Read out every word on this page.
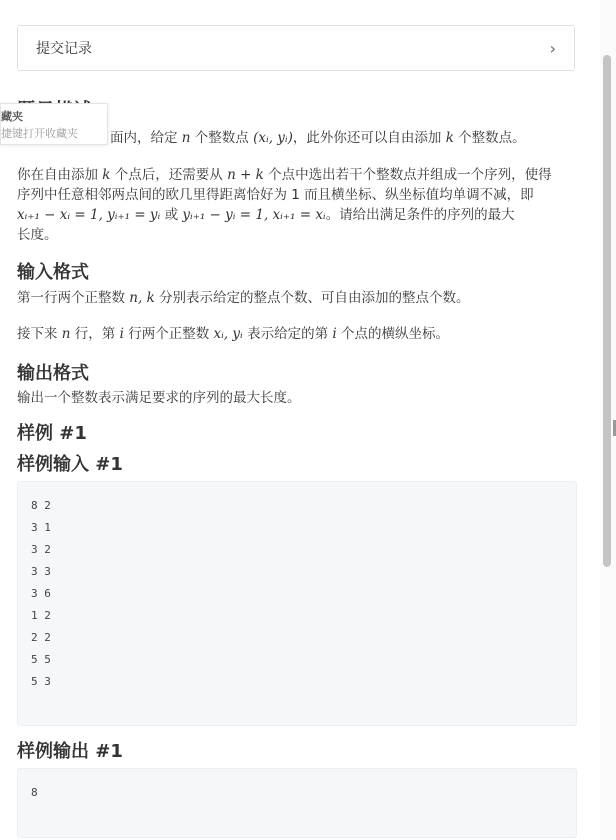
提交记录	›
藏夹
捷键打开收藏夹	面内，给定 n 个整数点 (xᵢ, yᵢ)，此外你还可以自由添加 k 个整数点。
你在自由添加 k 个点后，还需要从 n + k 个点中选出若干个整数点并组成一个序列，使得
序列中任意相邻两点间的欧几里得距离恰好为 1 而且横坐标、纵坐标值均单调不减，即
xᵢ₊₁ − xᵢ = 1, yᵢ₊₁ = yᵢ 或 yᵢ₊₁ − yᵢ = 1, xᵢ₊₁ = xᵢ。请给出满足条件的序列的最大
长度。
输入格式
第一行两个正整数 n, k 分别表示给定的整点个数、可自由添加的整点个数。
接下来 n 行，第 i 行两个正整数 xᵢ, yᵢ 表示给定的第 i 个点的横纵坐标。
输出格式
输出一个整数表示满足要求的序列的最大长度。
样例 #1
样例输入 #1
8 2
3 1
3 2
3 3
3 6
1 2
2 2
5 5
5 3
样例输出 #1
8
